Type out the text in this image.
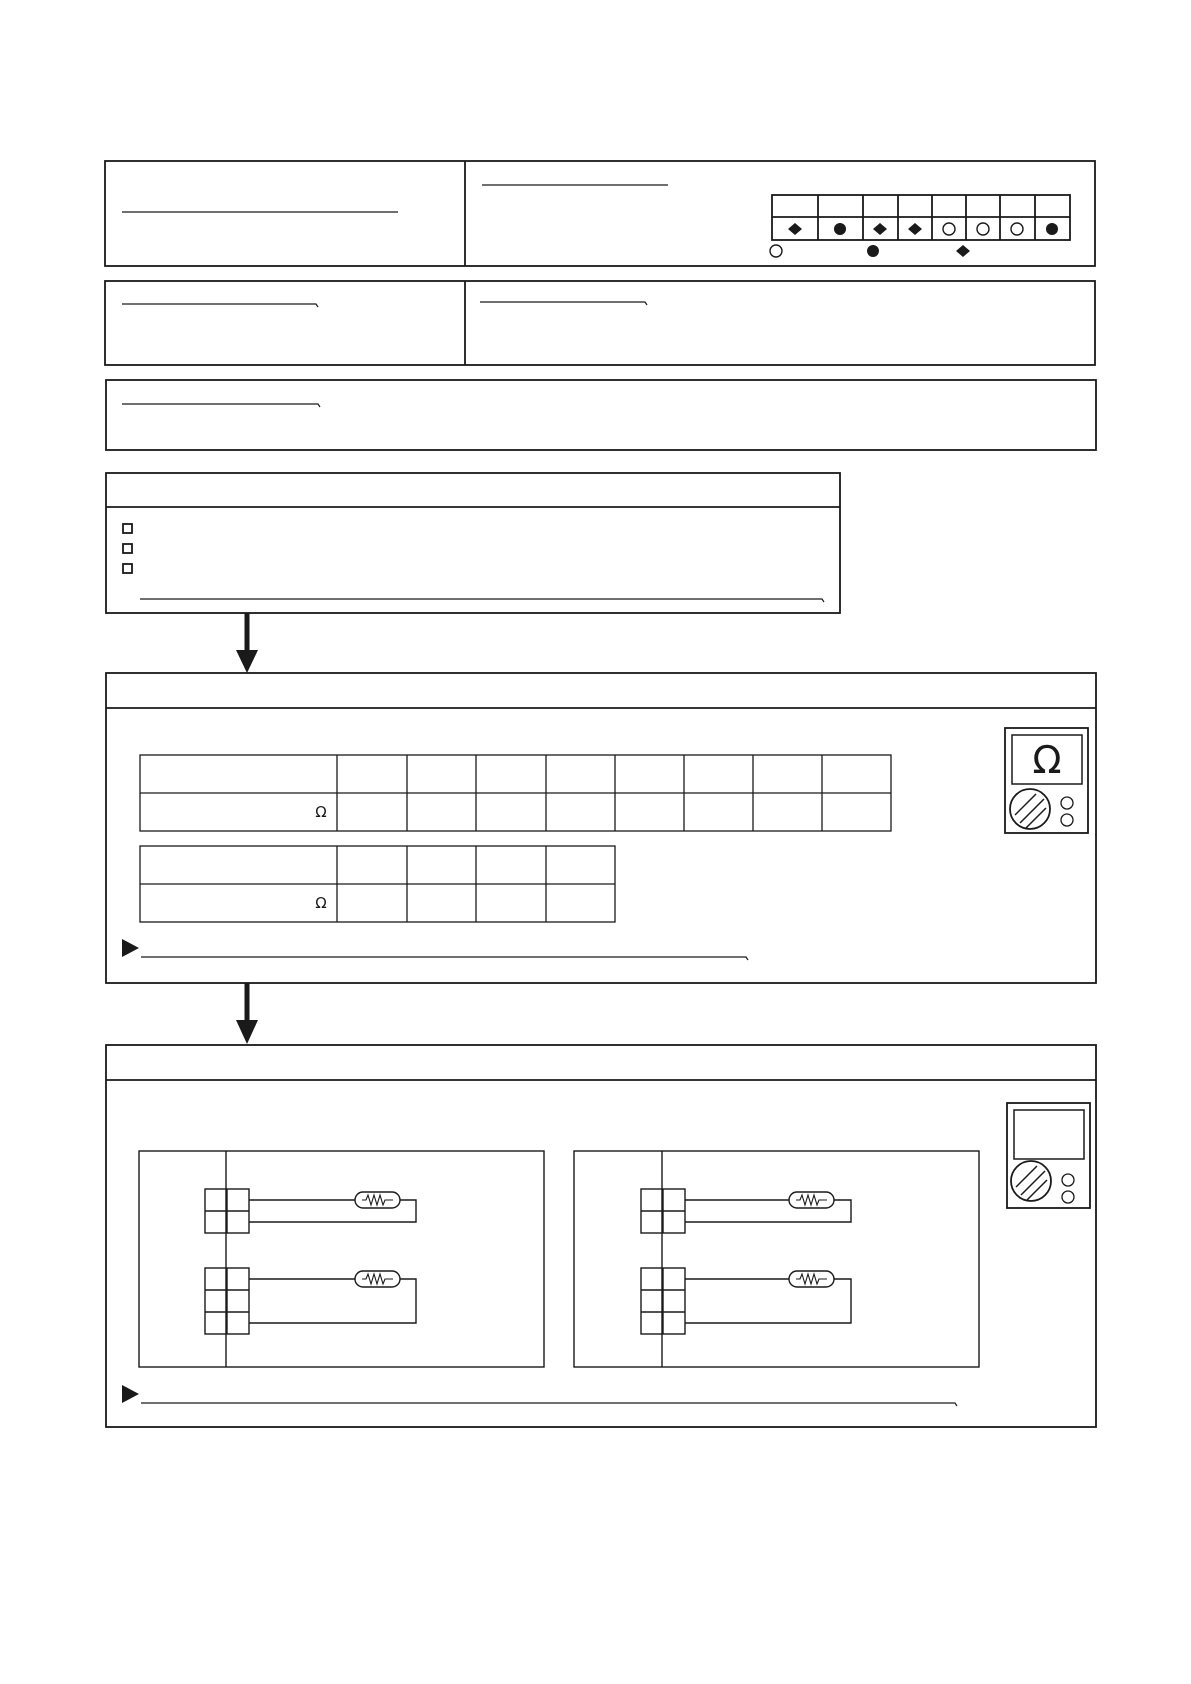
Ω
Ω
Ω
